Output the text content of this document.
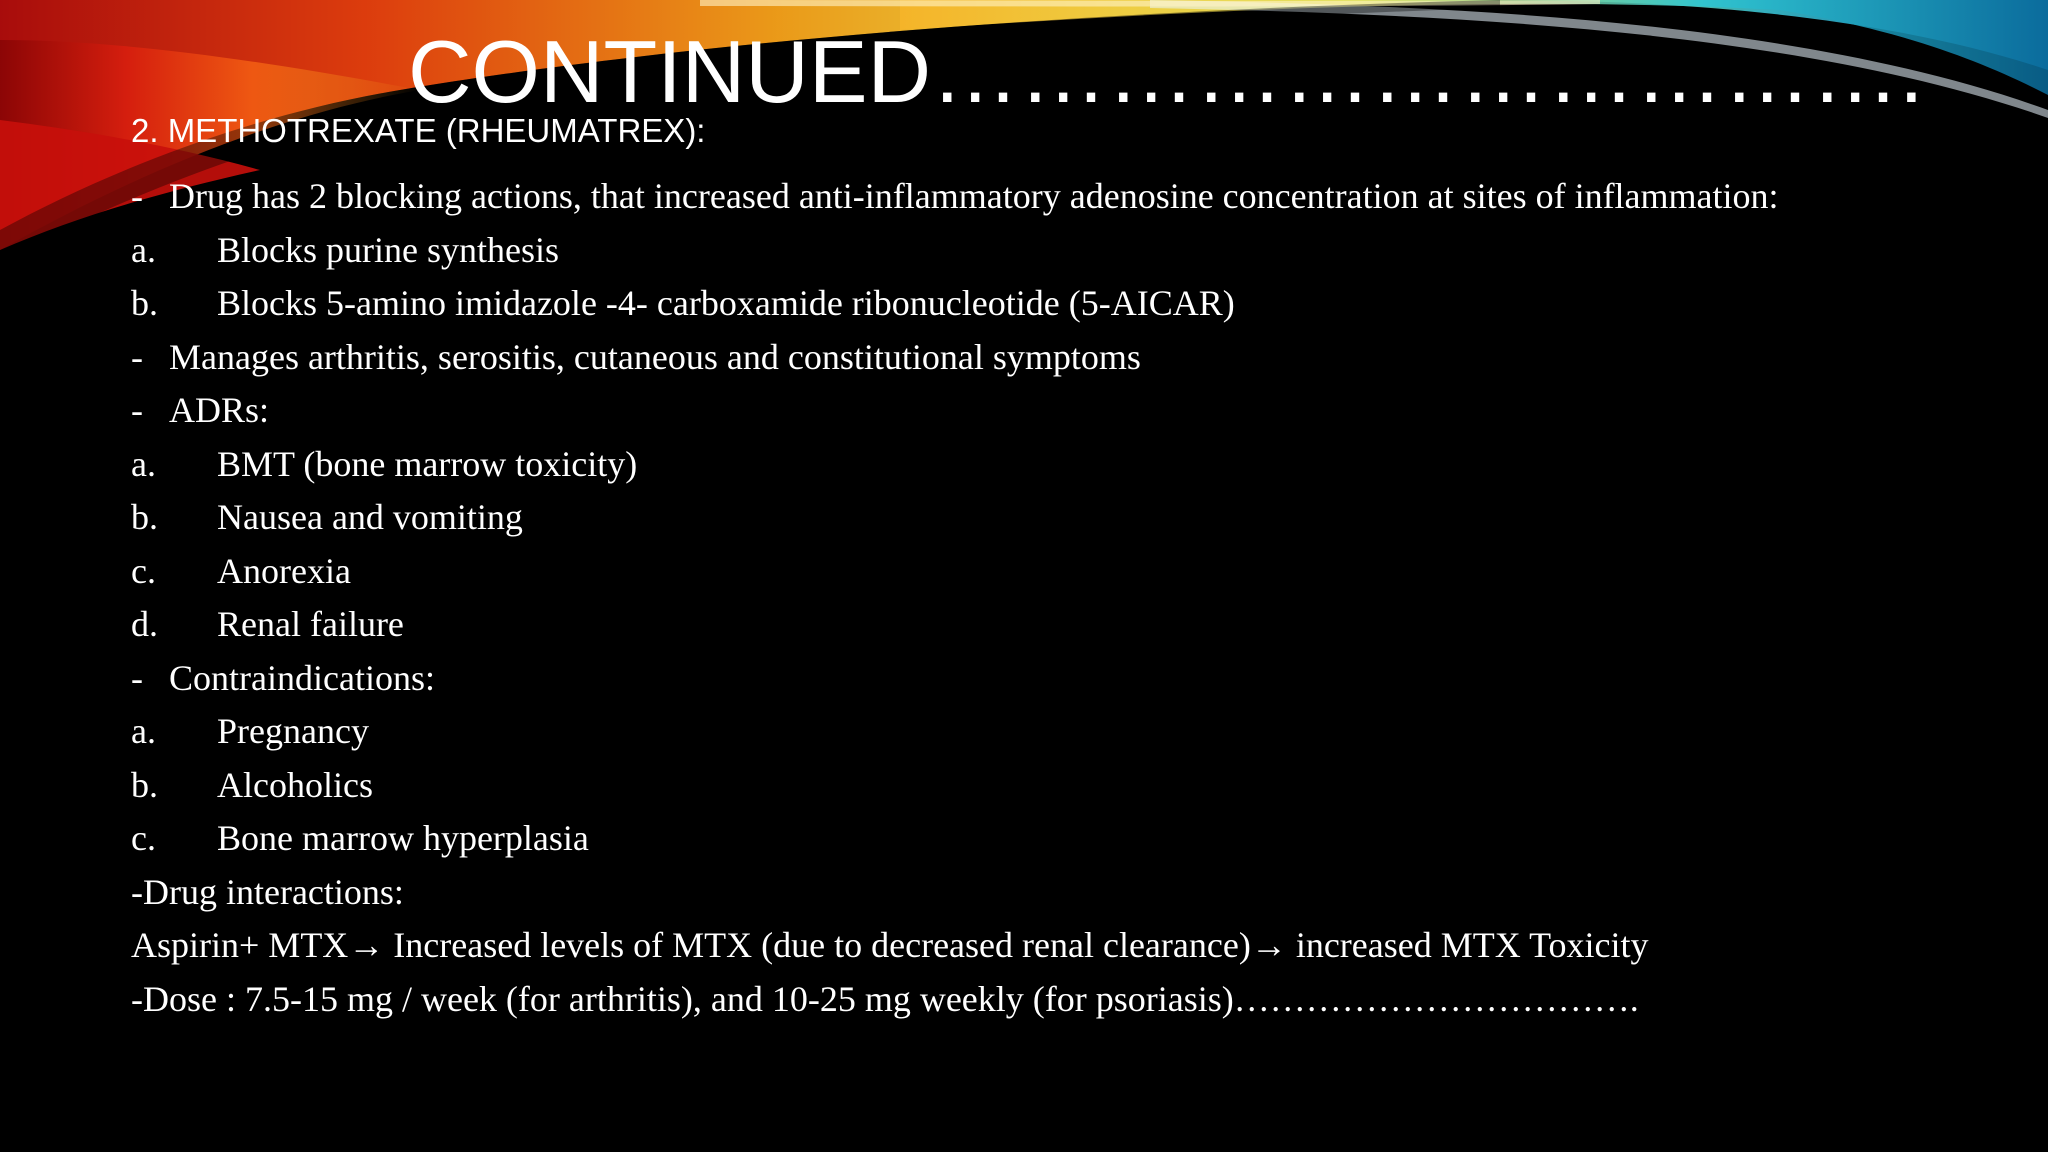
CONTINUED…………………………….
2. METHOTREXATE (RHEUMATREX):
- Drug has 2 blocking actions, that increased anti-inflammatory adenosine concentration at sites of inflammation:
a. Blocks purine synthesis
b. Blocks 5-amino imidazole -4- carboxamide ribonucleotide (5-AICAR)
- Manages arthritis, serositis, cutaneous and constitutional symptoms
- ADRs:
a. BMT (bone marrow toxicity)
b. Nausea and vomiting
c. Anorexia
d. Renal failure
- Contraindications:
a. Pregnancy
b. Alcoholics
c. Bone marrow hyperplasia
-Drug interactions:
Aspirin+ MTX→ Increased levels of MTX (due to decreased renal clearance)→ increased MTX Toxicity
-Dose : 7.5-15 mg / week (for arthritis), and 10-25 mg weekly (for psoriasis)…………………………….
